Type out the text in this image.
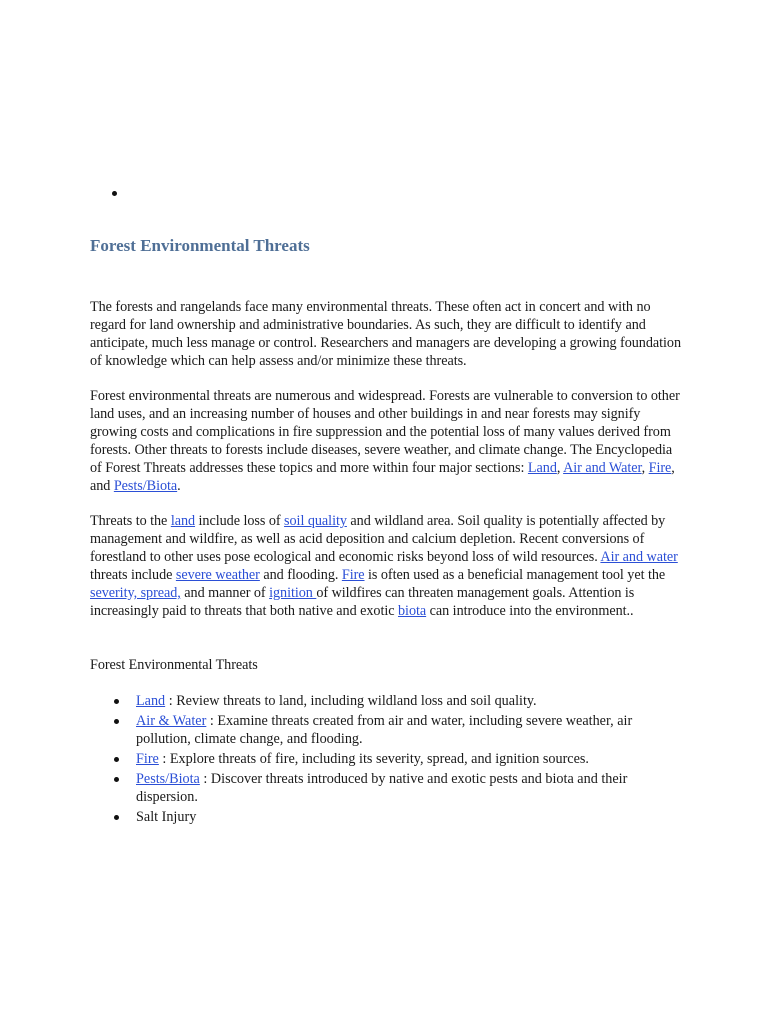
Forest Environmental Threats

The forests and rangelands face many environmental threats. These often act in concert and with no regard for land ownership and administrative boundaries. As such, they are difficult to identify and anticipate, much less manage or control. Researchers and managers are developing a growing foundation of knowledge which can help assess and/or minimize these threats.

Forest environmental threats are numerous and widespread. Forests are vulnerable to conversion to other land uses, and an increasing number of houses and other buildings in and near forests may signify growing costs and complications in fire suppression and the potential loss of many values derived from forests. Other threats to forests include diseases, severe weather, and climate change. The Encyclopedia of Forest Threats addresses these topics and more within four major sections: Land, Air and Water, Fire, and Pests/Biota.

Threats to the land include loss of soil quality and wildland area. Soil quality is potentially affected by management and wildfire, as well as acid deposition and calcium depletion. Recent conversions of forestland to other uses pose ecological and economic risks beyond loss of wild resources. Air and water threats include severe weather and flooding. Fire is often used as a beneficial management tool yet the severity, spread, and manner of ignition of wildfires can threaten management goals. Attention is increasingly paid to threats that both native and exotic biota can introduce into the environment..

Forest Environmental Threats

Land : Review threats to land, including wildland loss and soil quality.
Air & Water : Examine threats created from air and water, including severe weather, air pollution, climate change, and flooding.
Fire : Explore threats of fire, including its severity, spread, and ignition sources.
Pests/Biota : Discover threats introduced by native and exotic pests and biota and their dispersion.
Salt Injury
